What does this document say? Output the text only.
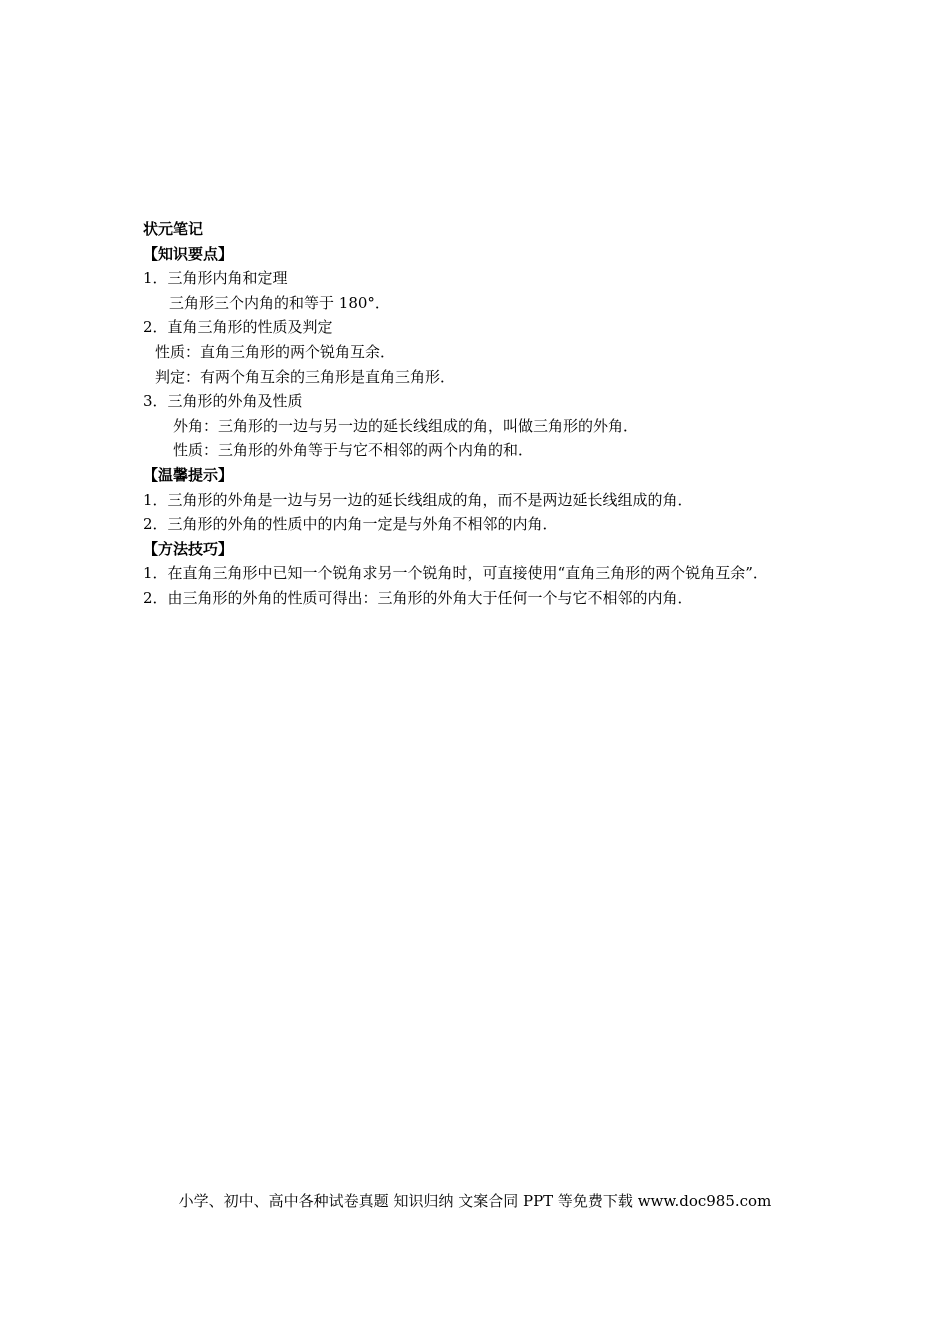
状元笔记
【知识要点】
1．三角形内角和定理
三角形三个内角的和等于 180°．
2．直角三角形的性质及判定
性质：直角三角形的两个锐角互余．
判定：有两个角互余的三角形是直角三角形．
3．三角形的外角及性质
外角：三角形的一边与另一边的延长线组成的角，叫做三角形的外角．
性质：三角形的外角等于与它不相邻的两个内角的和．
【温馨提示】
1．三角形的外角是一边与另一边的延长线组成的角，而不是两边延长线组成的角．
2．三角形的外角的性质中的内角一定是与外角不相邻的内角．
【方法技巧】
1．在直角三角形中已知一个锐角求另一个锐角时，可直接使用“直角三角形的两个锐角互余”．
2．由三角形的外角的性质可得出：三角形的外角大于任何一个与它不相邻的内角．
小学、初中、高中各种试卷真题 知识归纳 文案合同 PPT 等免费下载 www.doc985.com
